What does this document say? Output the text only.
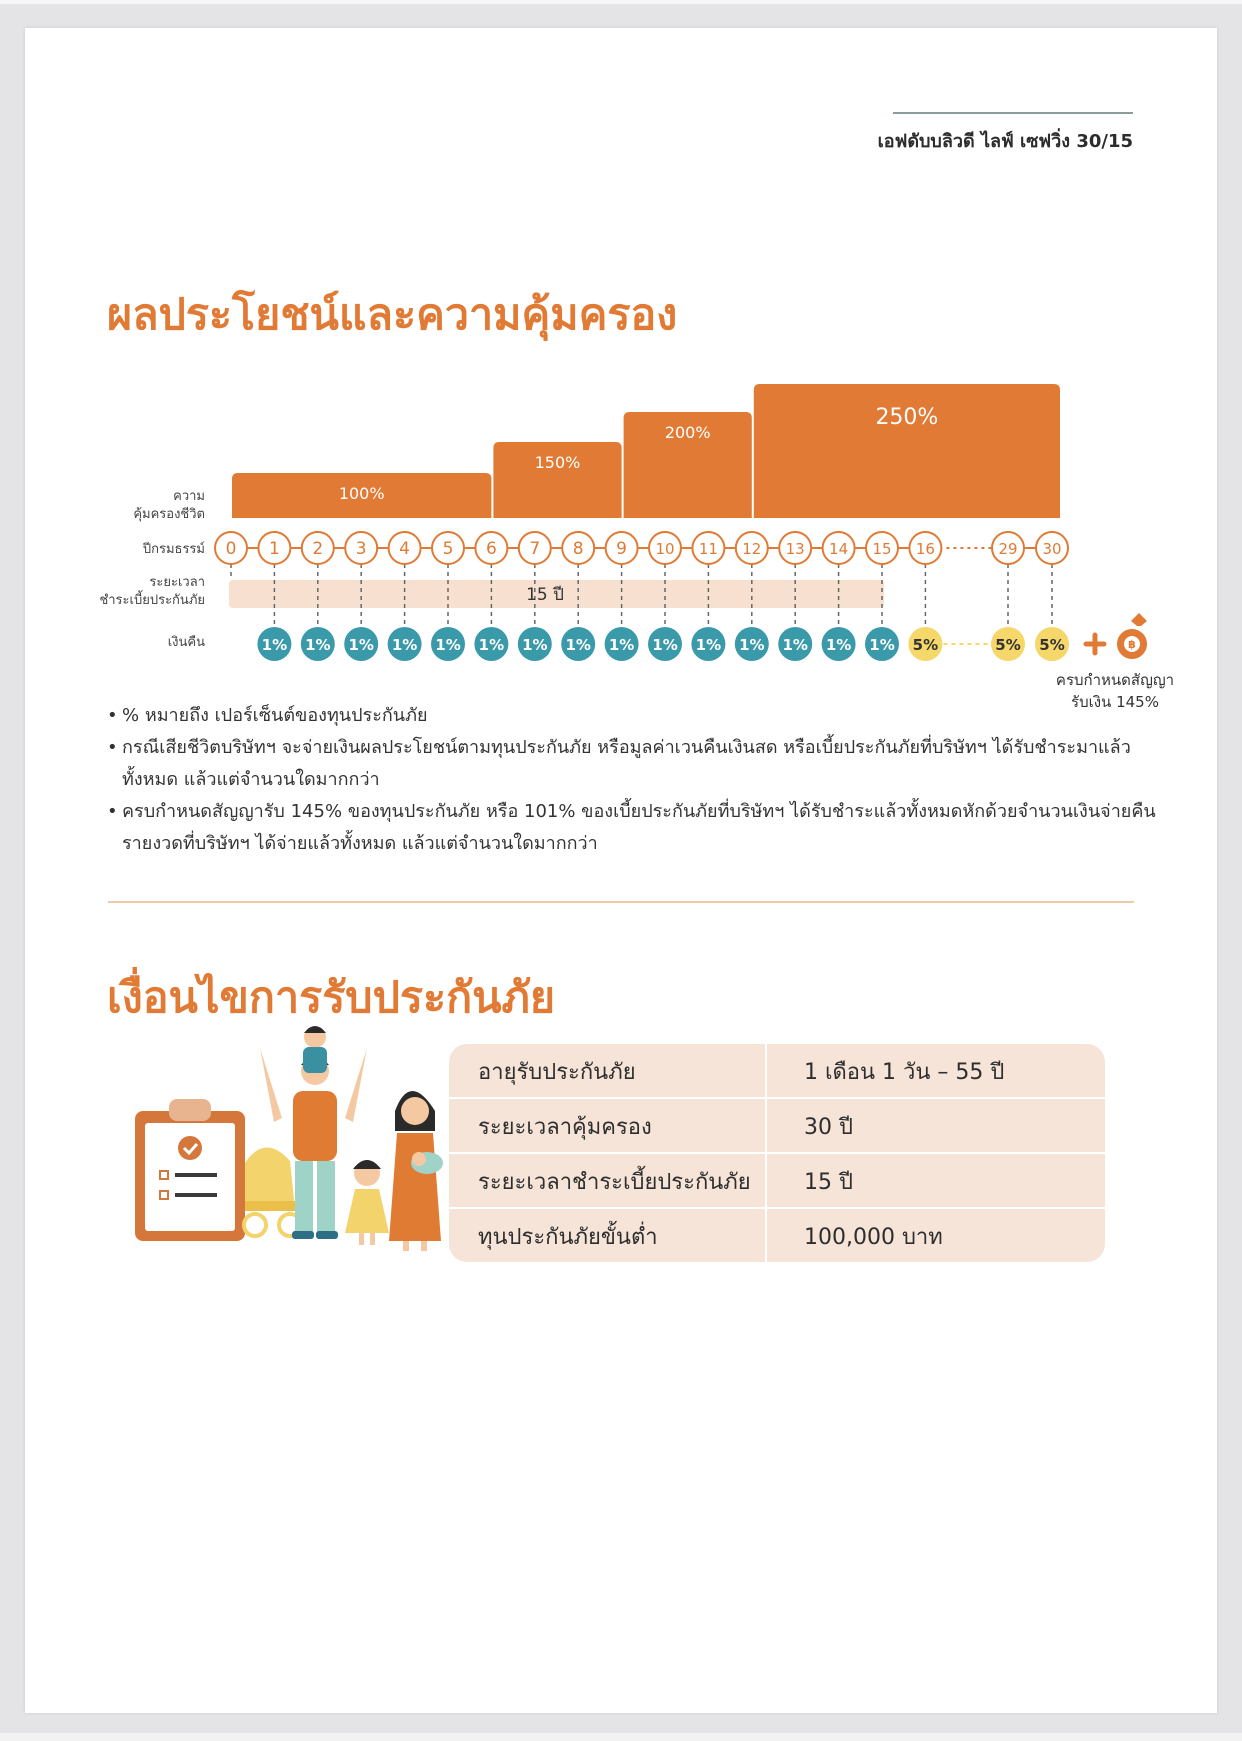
เอฟดับบลิวดี ไลฟ์ เซฟวิ่ง 30/15
ผลประโยชน์และความคุ้มครอง
100%
150%
200%
250%
ความ
คุ้มครองชีวิต
ปีกรมธรรม์
ระยะเวลา
ชำระเบี้ยประกันภัย
เงินคืน
15 ปี
0 1 2 3 4 5 6 7 8 9 10 11 12 13 14 15 16	29 30
1% 1% 1% 1% 1% 1% 1% 1% 1% 1% 1% 1% 1% 1% 1% 5%	5% 5%	฿
ครบกำหนดสัญญา
รับเงิน 145%
• % หมายถึง เปอร์เซ็นต์ของทุนประกันภัย
• กรณีเสียชีวิตบริษัทฯ จะจ่ายเงินผลประโยชน์ตามทุนประกันภัย หรือมูลค่าเวนคืนเงินสด หรือเบี้ยประกันภัยที่บริษัทฯ ได้รับชำระมาแล้วทั้งหมด แล้วแต่จำนวนใดมากกว่า
• ครบกำหนดสัญญารับ 145% ของทุนประกันภัย หรือ 101% ของเบี้ยประกันภัยที่บริษัทฯ ได้รับชำระแล้วทั้งหมดหักด้วยจำนวนเงินจ่ายคืนรายงวดที่บริษัทฯ ได้จ่ายแล้วทั้งหมด แล้วแต่จำนวนใดมากกว่า
เงื่อนไขการรับประกันภัย
อายุรับประกันภัย	1 เดือน 1 วัน – 55 ปี
ระยะเวลาคุ้มครอง	30 ปี
ระยะเวลาชำระเบี้ยประกันภัย	15 ปี
ทุนประกันภัยขั้นต่ำ	100,000 บาท
